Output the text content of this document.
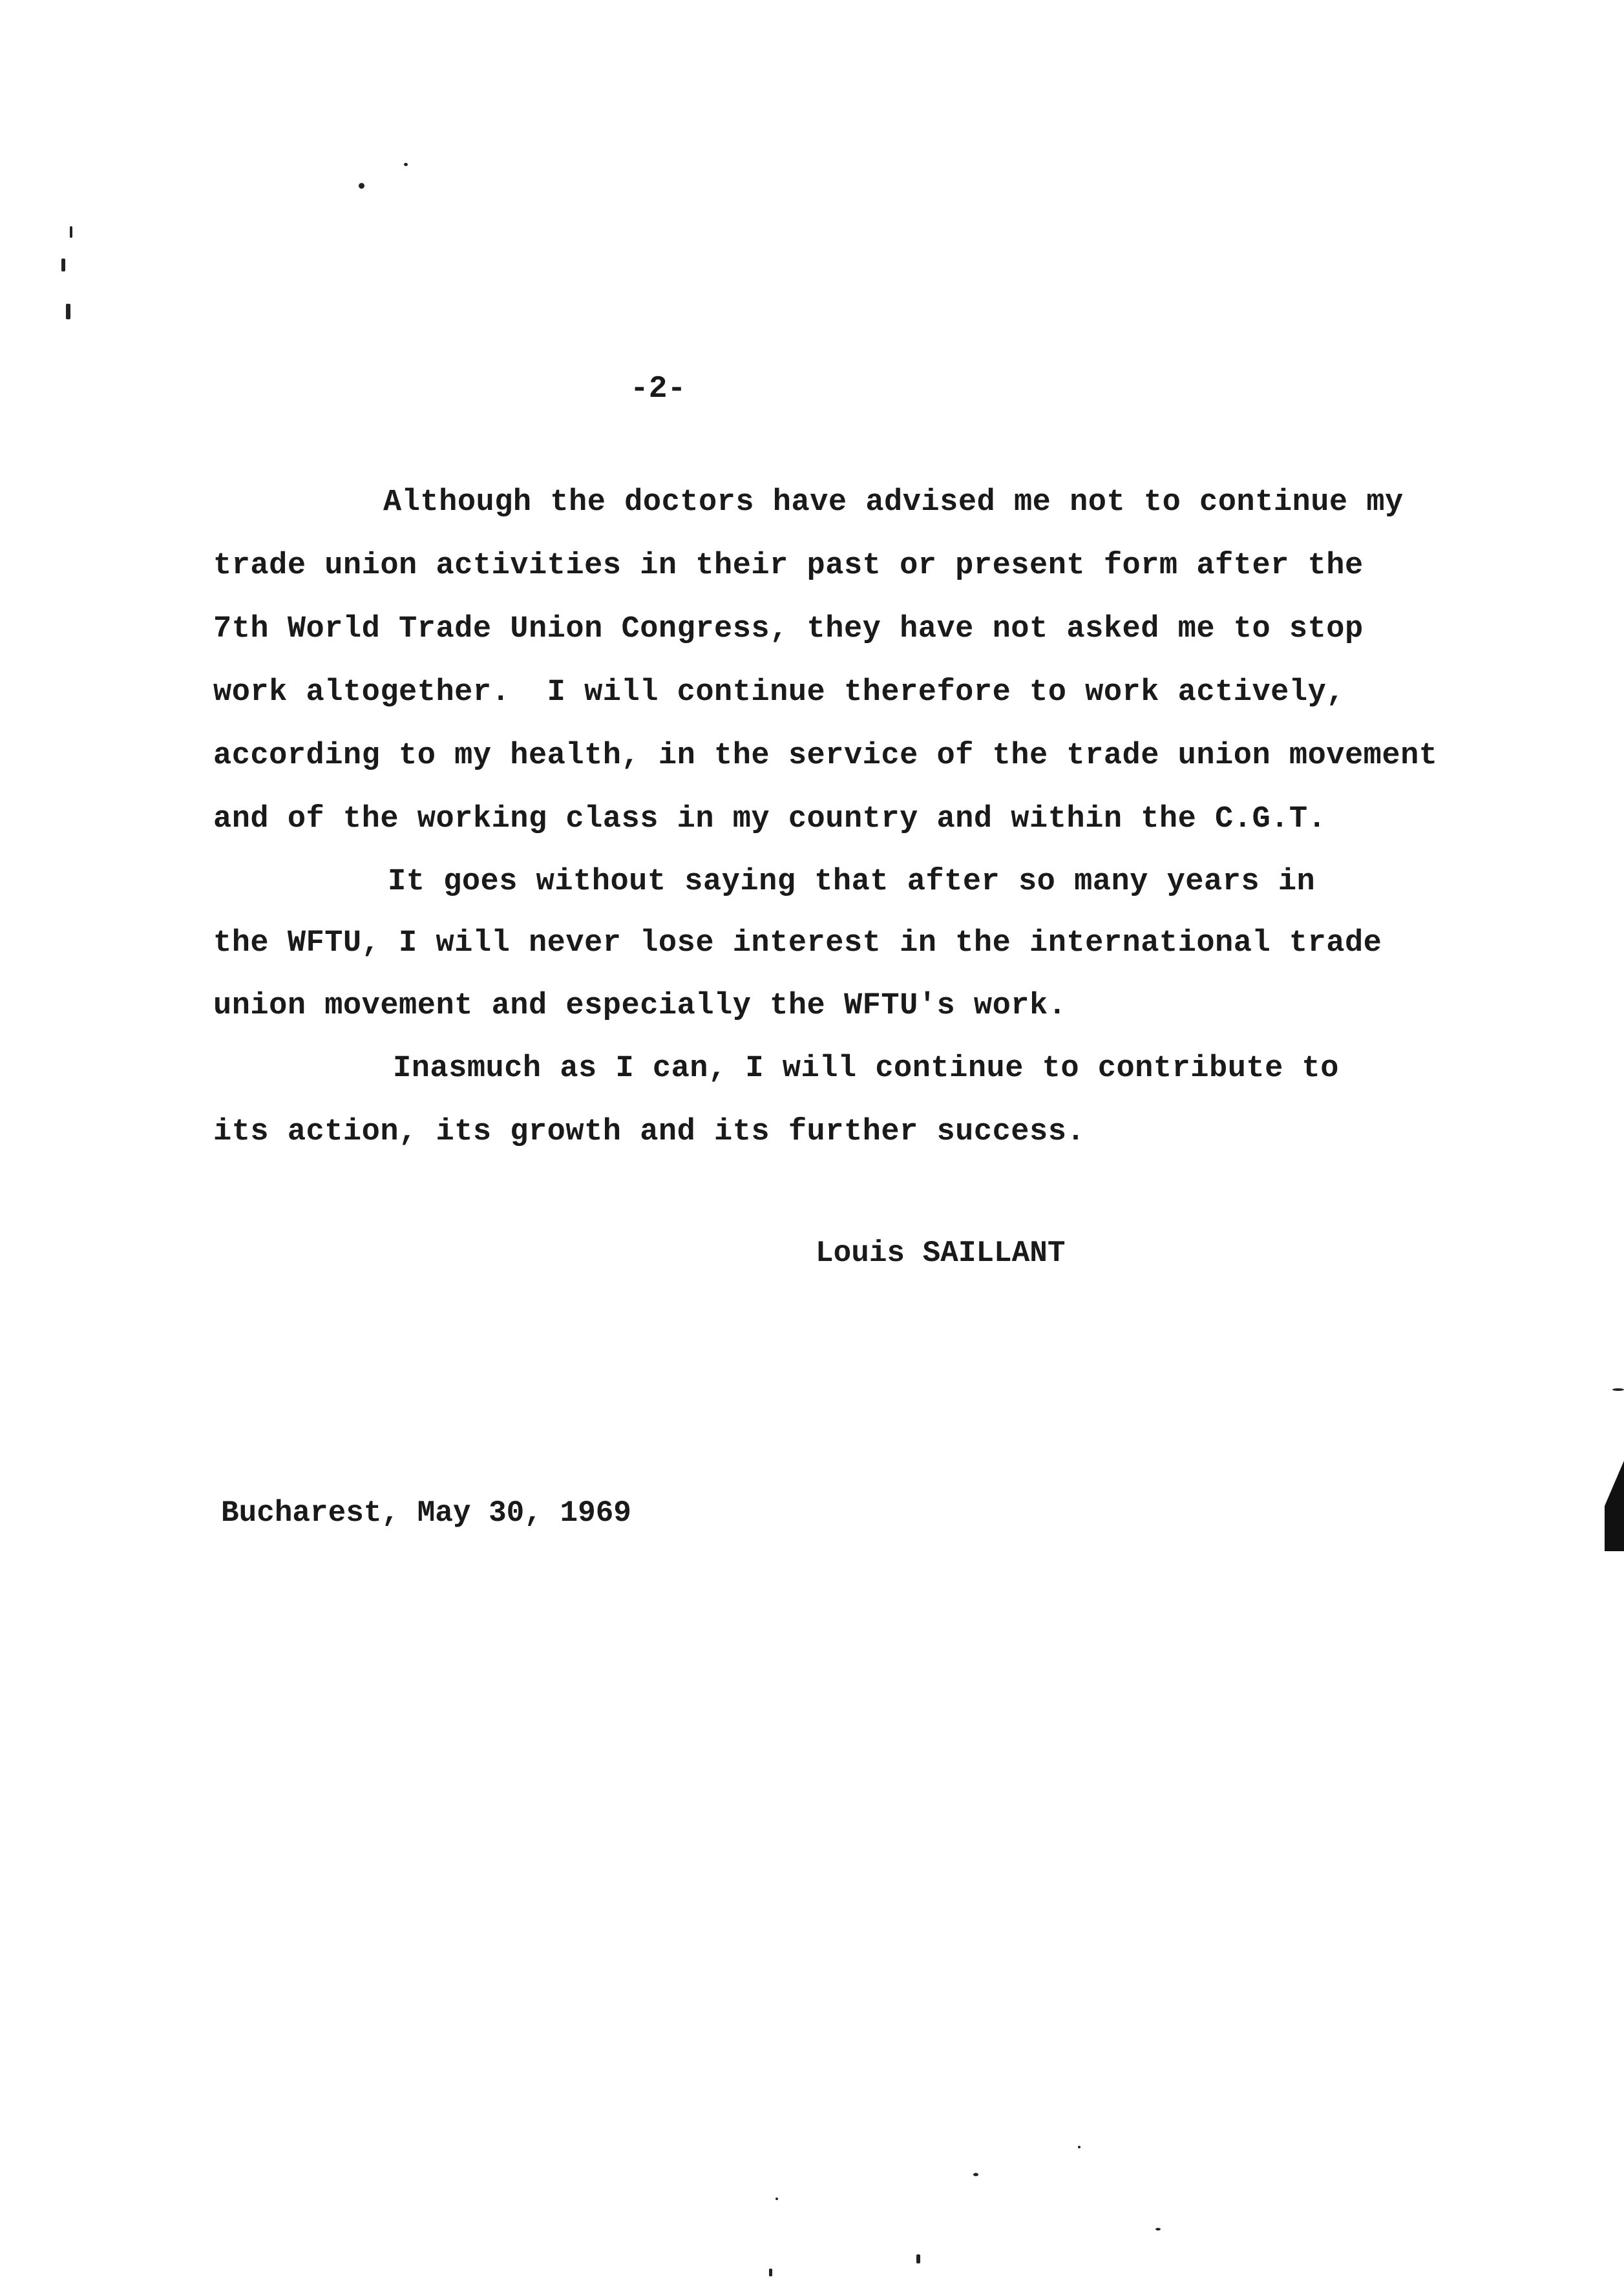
-2-
Although the doctors have advised me not to continue my
trade union activities in their past or present form after the
7th World Trade Union Congress, they have not asked me to stop
work altogether.  I will continue therefore to work actively,
according to my health, in the service of the trade union movement
and of the working class in my country and within the C.G.T.
It goes without saying that after so many years in
the WFTU, I will never lose interest in the international trade
union movement and especially the WFTU's work.
Inasmuch as I can, I will continue to contribute to
its action, its growth and its further success.
Louis SAILLANT
Bucharest, May 30, 1969
